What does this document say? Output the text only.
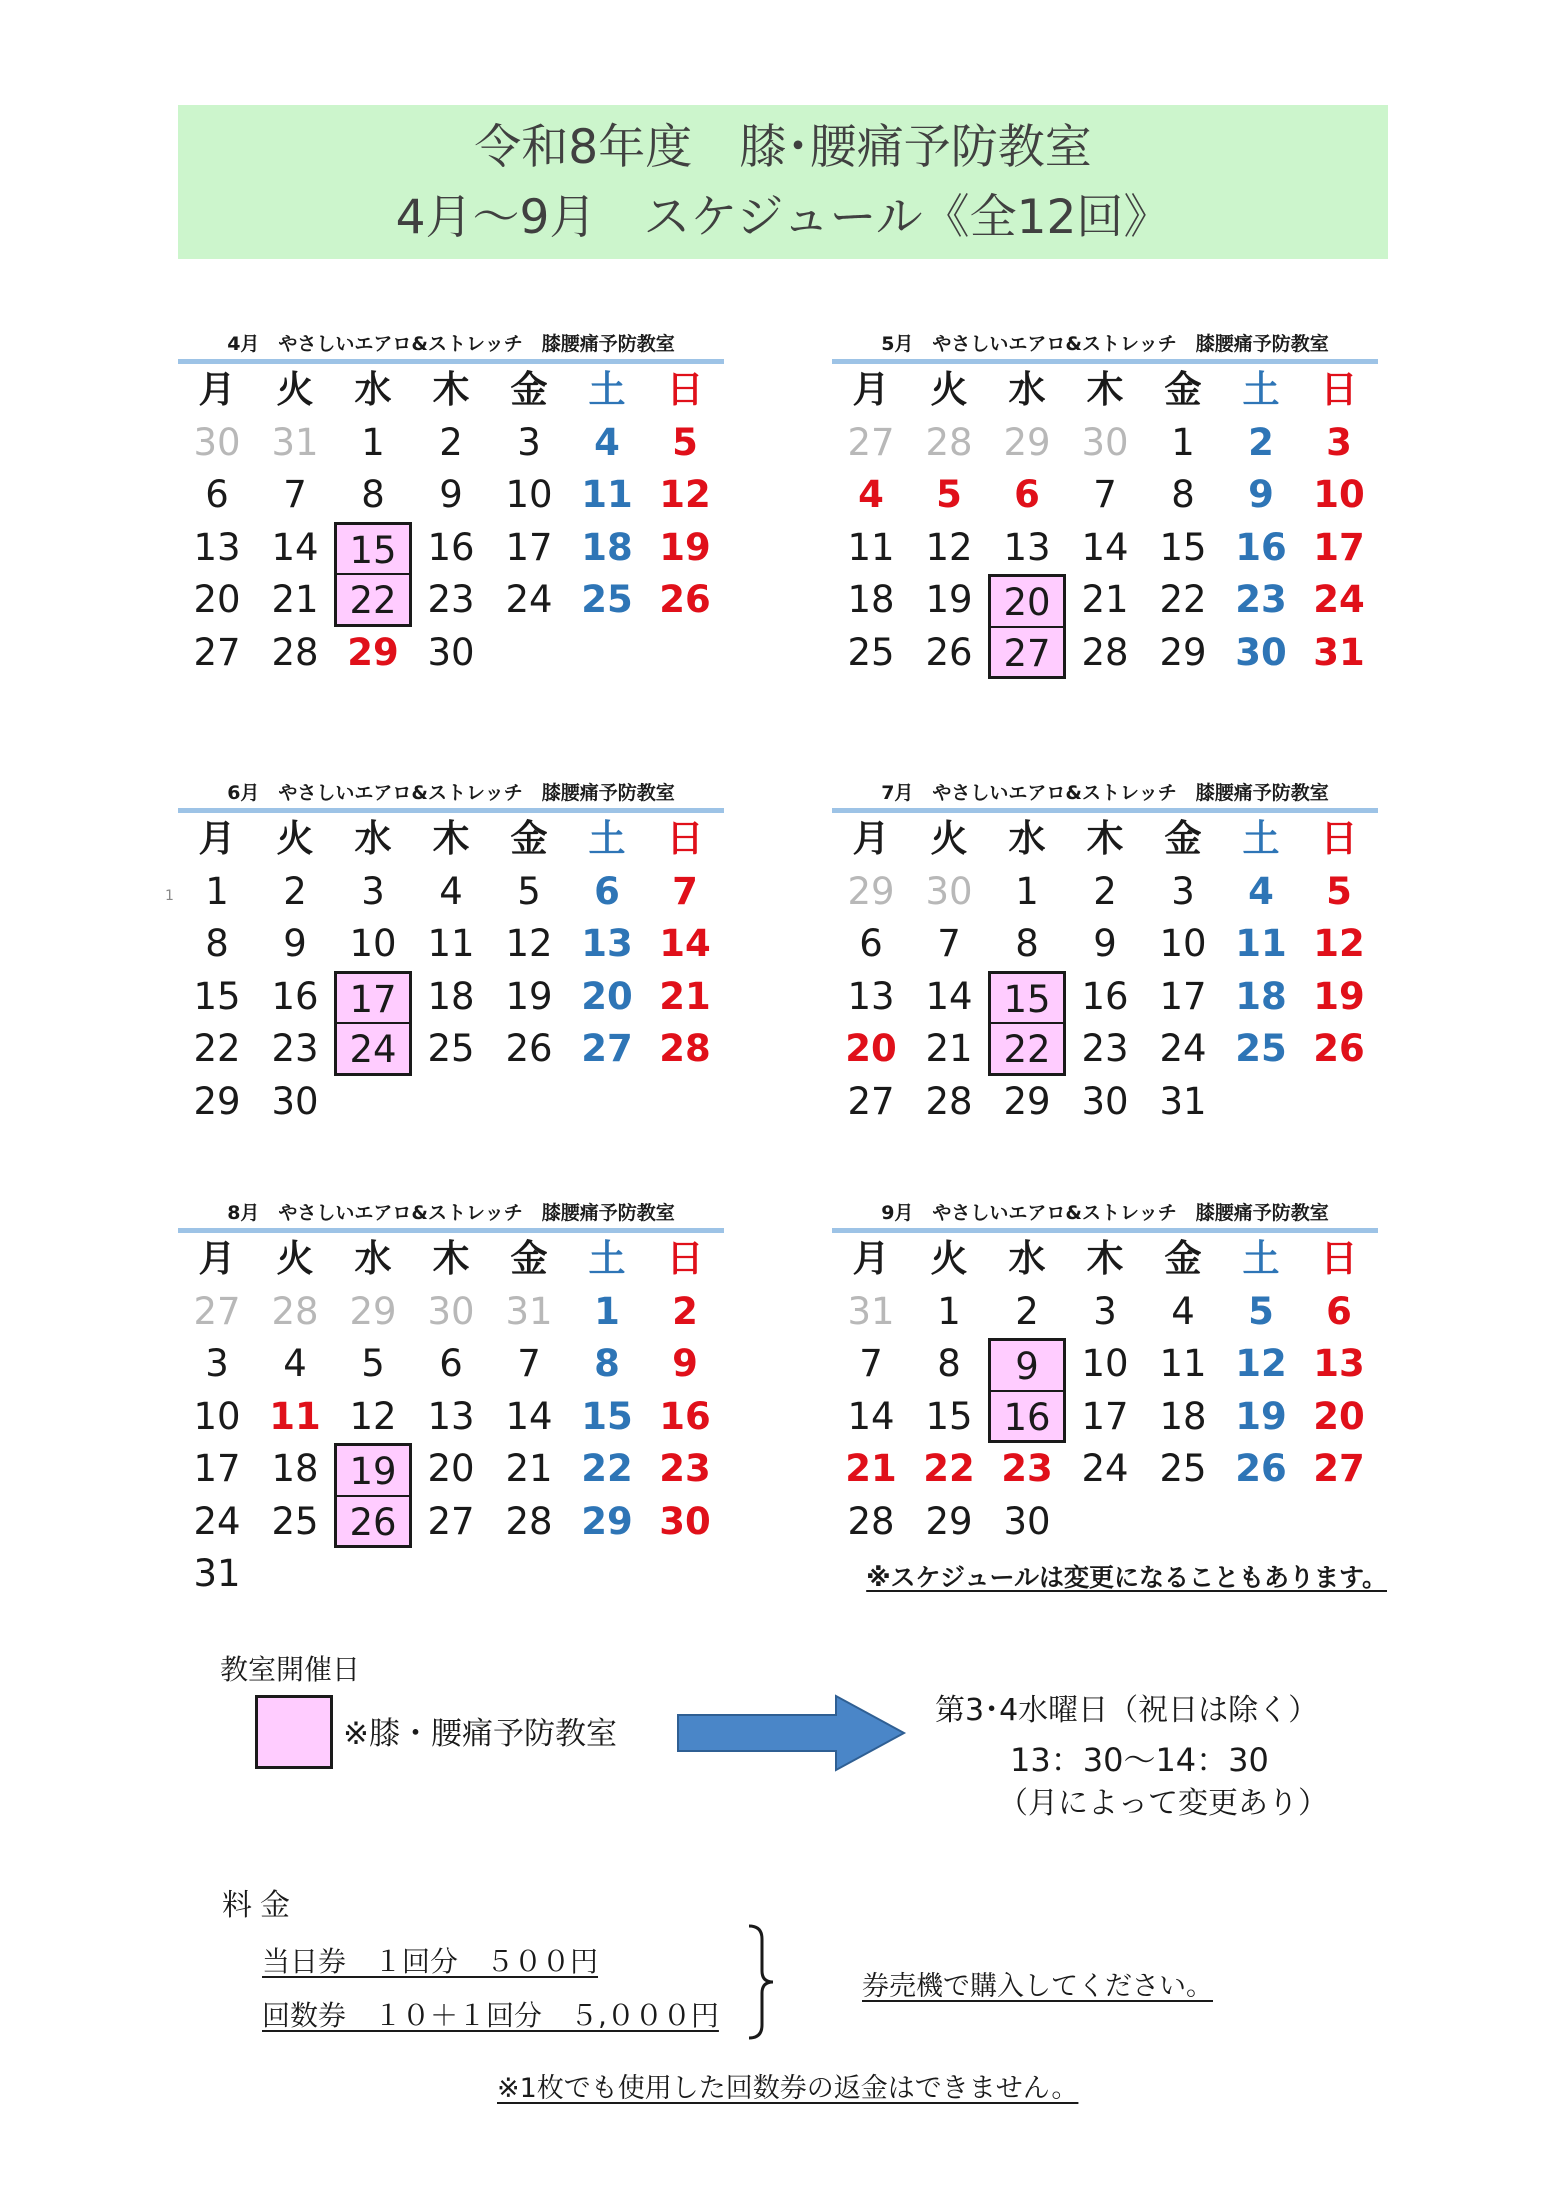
令和8年度　膝･腰痛予防教室
4月～9月　スケジュール《全12回》
4月　やさしいエアロ&ストレッチ　膝腰痛予防教室
月	火	水	木	金	土	日
30 31	1	2	3	4	5
6	7	8	9	10 11 12
13 14 15 16 17 18 19
20 21 22 23 24 25 26
27 28 29 30
5月　やさしいエアロ&ストレッチ　膝腰痛予防教室
月	火	水	木	金	土	日
27 28 29 30	1	2	3
4	5	6	7	8	9	10
11 12 13 14 15 16 17
18 19 20 21 22 23 24
25 26 27 28 29 30 31
6月　やさしいエアロ&ストレッチ　膝腰痛予防教室
月	火	水	木	金	土	日
1	2	3	4	5	6	7
8	9	10 11 12 13 14
15 16 17 18 19 20 21
22 23 24 25 26 27 28
29 30
7月　やさしいエアロ&ストレッチ　膝腰痛予防教室
月	火	水	木	金	土	日
29 30	1	2	3	4	5
6	7	8	9	10 11 12
13 14 15 16 17 18 19
20 21 22 23 24 25 26
27 28 29 30 31
8月　やさしいエアロ&ストレッチ　膝腰痛予防教室
月	火	水	木	金	土	日
27 28 29 30 31	1	2
3	4	5	6	7	8	9
10 11 12 13 14 15 16
17 18 19 20 21 22 23
24 25 26 27 28 29 30
31
9月　やさしいエアロ&ストレッチ　膝腰痛予防教室
月	火	水	木	金	土	日
31	1	2	3	4	5	6
7	8	9	10 11 12 13
14 15 16 17 18 19 20
21 22 23 24 25 26 27
28 29 30
1
※スケジュールは変更になることもあります。
教室開催日
※膝・腰痛予防教室
第3･4水曜日（祝日は除く）
13：30～14：30
（月によって変更あり）
料金
当日券　１回分　５００円
回数券　１０＋１回分　５,０００円
券売機で購入してください。
※1枚でも使用した回数券の返金はできません。
